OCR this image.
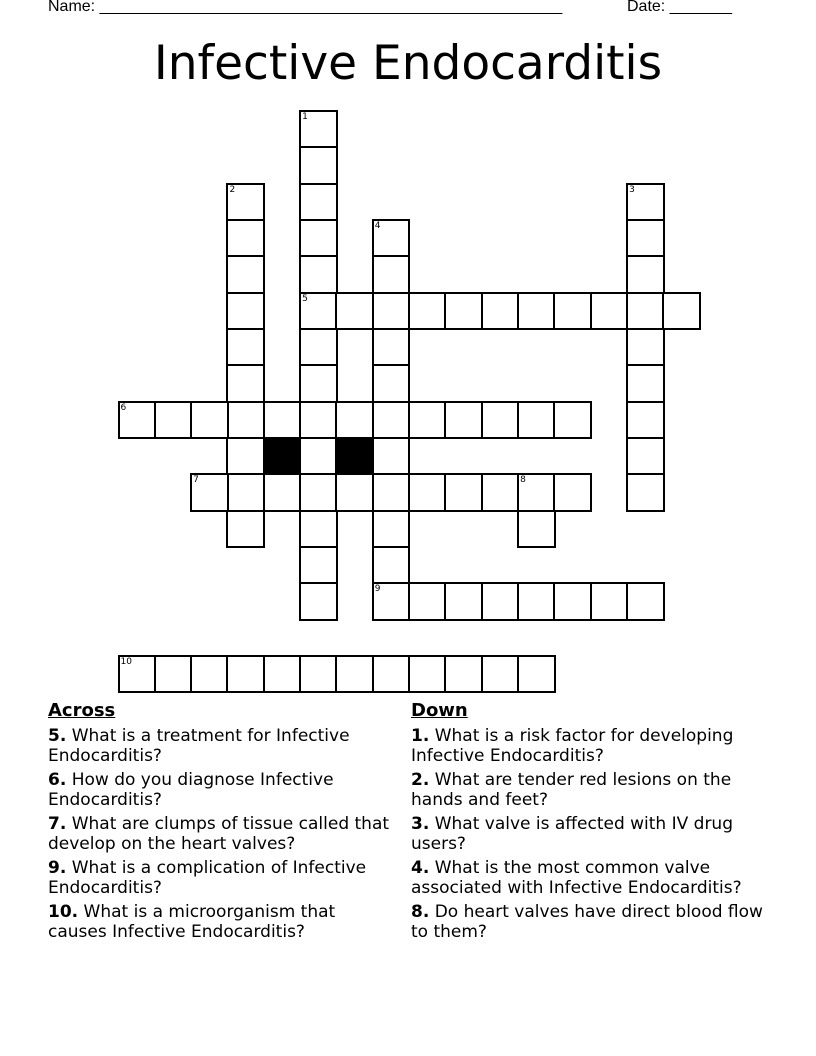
Name: ____________________________________________________	Date: _______
Infective Endocarditis
1
5
2	3
4
9
6
7	8
10
Across
5. What is a treatment for Infective Endocarditis?
6. How do you diagnose Infective Endocarditis?
7. What are clumps of tissue called that develop on the heart valves?
9. What is a complication of Infective Endocarditis?
10. What is a microorganism that causes Infective Endocarditis?
Down
1. What is a risk factor for developing Infective Endocarditis?
2. What are tender red lesions on the hands and feet?
3. What valve is affected with IV drug users?
4. What is the most common valve associated with Infective Endocarditis?
8. Do heart valves have direct blood flow to them?
